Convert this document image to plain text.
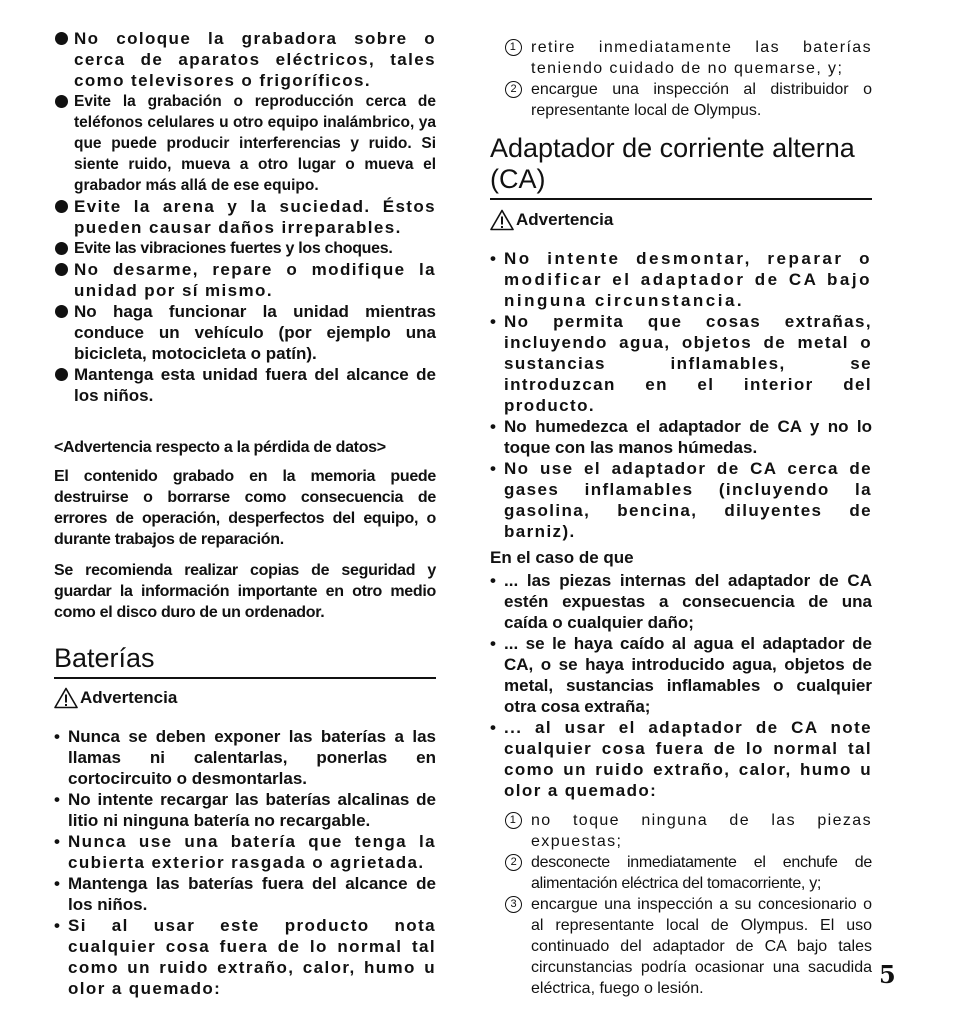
No coloque la grabadora sobre o cerca de aparatos eléctricos, tales como televisores o frigoríficos.
Evite la grabación o reproducción cerca de teléfonos celulares u otro equipo inalámbrico, ya que puede producir interferencias y ruido. Si siente ruido, mueva a otro lugar o mueva el grabador más allá de ese equipo.
Evite la arena y la suciedad. Éstos pueden causar daños irreparables.
Evite las vibraciones fuertes y los choques.
No desarme, repare o modifique la unidad por sí mismo.
No haga funcionar la unidad mientras conduce un vehículo (por ejemplo una bicicleta, motocicleta o patín).
Mantenga esta unidad fuera del alcance de los niños.

<Advertencia respecto a la pérdida de datos>

El contenido grabado en la memoria puede destruirse o borrarse como consecuencia de errores de operación, desperfectos del equipo, o durante trabajos de reparación.

Se recomienda realizar copias de seguridad y guardar la información importante en otro medio como el disco duro de un ordenador.

Baterías
Advertencia
• Nunca se deben exponer las baterías a las llamas ni calentarlas, ponerlas en cortocircuito o desmontarlas.
• No intente recargar las baterías alcalinas de litio ni ninguna batería no recargable.
• Nunca use una batería que tenga la cubierta exterior rasgada o agrietada.
• Mantenga las baterías fuera del alcance de los niños.
• Si al usar este producto nota cualquier cosa fuera de lo normal tal como un ruido extraño, calor, humo u olor a quemado:
1 retire inmediatamente las baterías teniendo cuidado de no quemarse, y;
2 encargue una inspección al distribuidor o representante local de Olympus.
Adaptador de corriente alterna (CA)
Advertencia
• No intente desmontar, reparar o modificar el adaptador de CA bajo ninguna circunstancia.
• No permita que cosas extrañas, incluyendo agua, objetos de metal o sustancias inflamables, se introduzcan en el interior del producto.
• No humedezca el adaptador de CA y no lo toque con las manos húmedas.
• No use el adaptador de CA cerca de gases inflamables (incluyendo la gasolina, bencina, diluyentes de barniz).

En el caso de que

• ... las piezas internas del adaptador de CA estén expuestas a consecuencia de una caída o cualquier daño;
• ... se le haya caído al agua el adaptador de CA, o se haya introducido agua, objetos de metal, sustancias inflamables o cualquier otra cosa extraña;
• ... al usar el adaptador de CA note cualquier cosa fuera de lo normal tal como un ruido extraño, calor, humo u olor a quemado:
1 no toque ninguna de las piezas expuestas;
2 desconecte inmediatamente el enchufe de alimentación eléctrica del tomacorriente, y;
3 encargue una inspección a su concesionario o al representante local de Olympus. El uso continuado del adaptador de CA bajo tales circunstancias podría ocasionar una sacudida eléctrica, fuego o lesión.	5
